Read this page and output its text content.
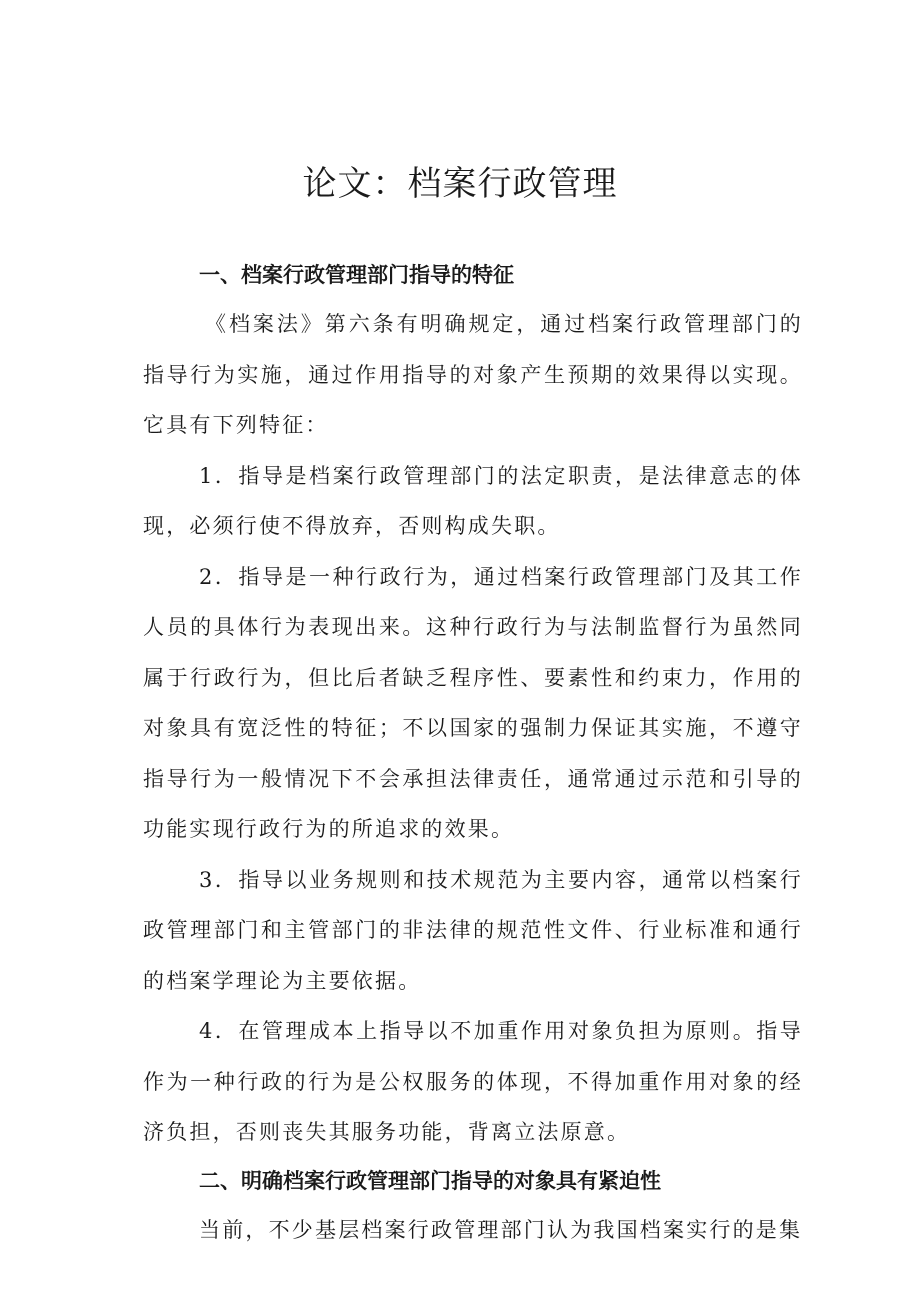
论文：档案行政管理
一、档案行政管理部门指导的特征

《档案法》第六条有明确规定，通过档案行政管理部门的指导行为实施，通过作用指导的对象产生预期的效果得以实现。它具有下列特征：

1．指导是档案行政管理部门的法定职责，是法律意志的体现，必须行使不得放弃，否则构成失职。

2．指导是一种行政行为，通过档案行政管理部门及其工作人员的具体行为表现出来。这种行政行为与法制监督行为虽然同属于行政行为，但比后者缺乏程序性、要素性和约束力，作用的对象具有宽泛性的特征；不以国家的强制力保证其实施，不遵守指导行为一般情况下不会承担法律责任，通常通过示范和引导的功能实现行政行为的所追求的效果。

3．指导以业务规则和技术规范为主要内容，通常以档案行政管理部门和主管部门的非法律的规范性文件、行业标准和通行的档案学理论为主要依据。

4．在管理成本上指导以不加重作用对象负担为原则。指导作为一种行政的行为是公权服务的体现，不得加重作用对象的经济负担，否则丧失其服务功能，背离立法原意。

二、明确档案行政管理部门指导的对象具有紧迫性

当前，不少基层档案行政管理部门认为我国档案实行的是集
